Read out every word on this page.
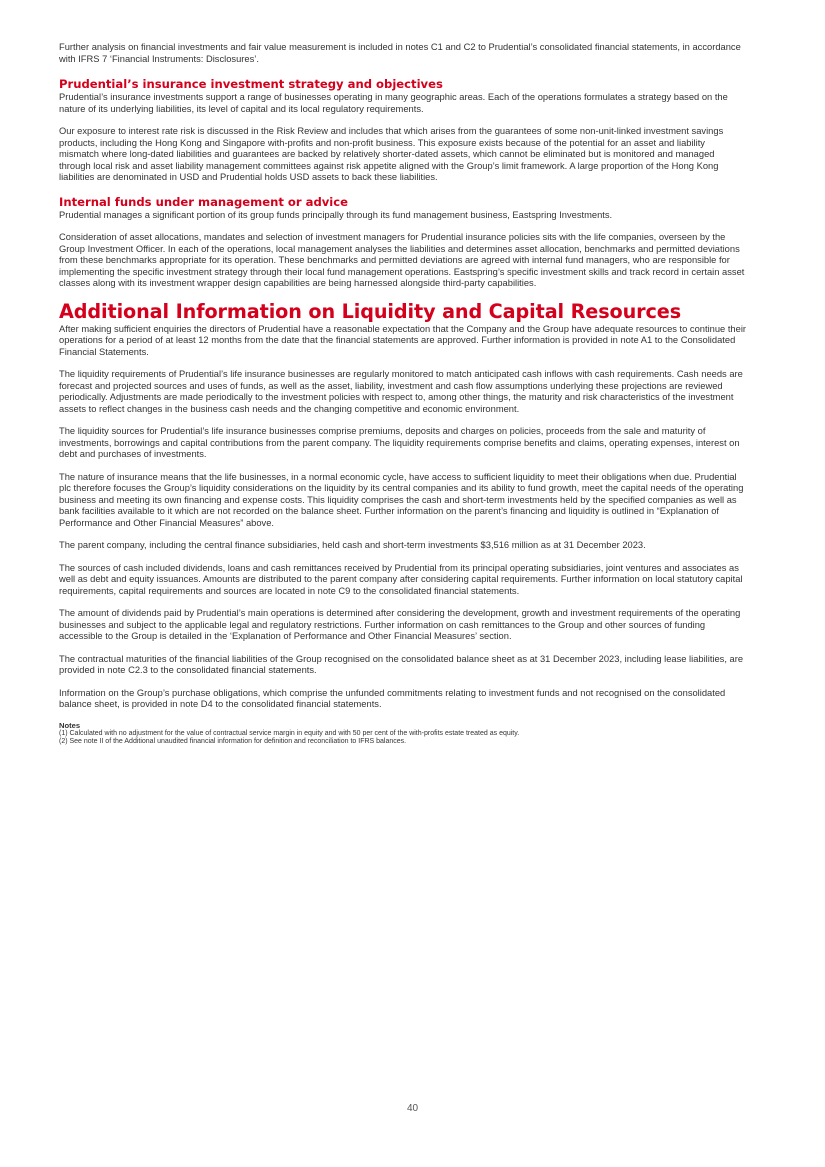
Further analysis on financial investments and fair value measurement is included in notes C1 and C2 to Prudential’s consolidated financial statements, in accordance with IFRS 7 ‘Financial Instruments: Disclosures’.

Prudential’s insurance investment strategy and objectives

Prudential’s insurance investments support a range of businesses operating in many geographic areas. Each of the operations formulates a strategy based on the nature of its underlying liabilities, its level of capital and its local regulatory requirements.

Our exposure to interest rate risk is discussed in the Risk Review and includes that which arises from the guarantees of some non-unit-linked investment savings products, including the Hong Kong and Singapore with-profits and non-profit business. This exposure exists because of the potential for an asset and liability mismatch where long-dated liabilities and guarantees are backed by relatively shorter-dated assets, which cannot be eliminated but is monitored and managed through local risk and asset liability management committees against risk appetite aligned with the Group’s limit framework. A large proportion of the Hong Kong liabilities are denominated in USD and Prudential holds USD assets to back these liabilities.

Internal funds under management or advice

Prudential manages a significant portion of its group funds principally through its fund management business, Eastspring Investments.

Consideration of asset allocations, mandates and selection of investment managers for Prudential insurance policies sits with the life companies, overseen by the Group Investment Officer. In each of the operations, local management analyses the liabilities and determines asset allocation, benchmarks and permitted deviations from these benchmarks appropriate for its operation. These benchmarks and permitted deviations are agreed with internal fund managers, who are responsible for implementing the specific investment strategy through their local fund management operations. Eastspring’s specific investment skills and track record in certain asset classes along with its investment wrapper design capabilities are being harnessed alongside third-party capabilities.

Additional Information on Liquidity and Capital Resources

After making sufficient enquiries the directors of Prudential have a reasonable expectation that the Company and the Group have adequate resources to continue their operations for a period of at least 12 months from the date that the financial statements are approved. Further information is provided in note A1 to the Consolidated Financial Statements.

The liquidity requirements of Prudential’s life insurance businesses are regularly monitored to match anticipated cash inflows with cash requirements. Cash needs are forecast and projected sources and uses of funds, as well as the asset, liability, investment and cash flow assumptions underlying these projections are reviewed periodically. Adjustments are made periodically to the investment policies with respect to, among other things, the maturity and risk characteristics of the investment assets to reflect changes in the business cash needs and the changing competitive and economic environment.

The liquidity sources for Prudential’s life insurance businesses comprise premiums, deposits and charges on policies, proceeds from the sale and maturity of investments, borrowings and capital contributions from the parent company. The liquidity requirements comprise benefits and claims, operating expenses, interest on debt and purchases of investments.

The nature of insurance means that the life businesses, in a normal economic cycle, have access to sufficient liquidity to meet their obligations when due. Prudential plc therefore focuses the Group’s liquidity considerations on the liquidity by its central companies and its ability to fund growth, meet the capital needs of the operating business and meeting its own financing and expense costs. This liquidity comprises the cash and short-term investments held by the specified companies as well as bank facilities available to it which are not recorded on the balance sheet. Further information on the parent’s financing and liquidity is outlined in “Explanation of Performance and Other Financial Measures” above.

The parent company, including the central finance subsidiaries, held cash and short-term investments $3,516 million as at 31 December 2023.

The sources of cash included dividends, loans and cash remittances received by Prudential from its principal operating subsidiaries, joint ventures and associates as well as debt and equity issuances. Amounts are distributed to the parent company after considering capital requirements. Further information on local statutory capital requirements, capital requirements and sources are located in note C9 to the consolidated financial statements.

The amount of dividends paid by Prudential’s main operations is determined after considering the development, growth and investment requirements of the operating businesses and subject to the applicable legal and regulatory restrictions. Further information on cash remittances to the Group and other sources of funding accessible to the Group is detailed in the ‘Explanation of Performance and Other Financial Measures’ section.

The contractual maturities of the financial liabilities of the Group recognised on the consolidated balance sheet as at 31 December 2023, including lease liabilities, are provided in note C2.3 to the consolidated financial statements.

Information on the Group’s purchase obligations, which comprise the unfunded commitments relating to investment funds and not recognised on the consolidated balance sheet, is provided in note D4 to the consolidated financial statements.

Notes
(1) Calculated with no adjustment for the value of contractual service margin in equity and with 50 per cent of the with-profits estate treated as equity.
(2) See note II of the Additional unaudited financial information for definition and reconciliation to IFRS balances.
40
